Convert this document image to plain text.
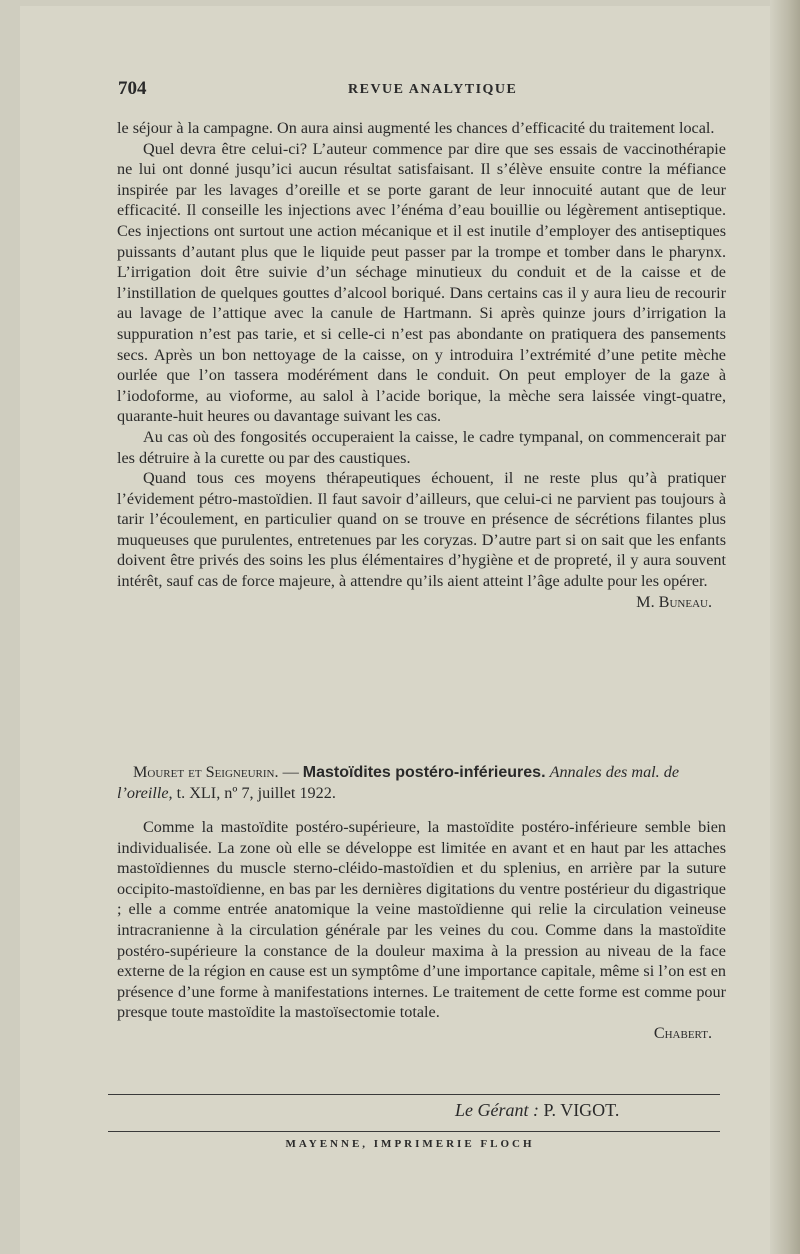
704	REVUE ANALYTIQUE

le séjour à la campagne. On aura ainsi augmenté les chances d’efficacité du traitement local.

Quel devra être celui-ci? L’auteur commence par dire que ses essais de vaccinothérapie ne lui ont donné jusqu’ici aucun résultat satisfaisant. Il s’élève ensuite contre la méfiance inspirée par les lavages d’oreille et se porte garant de leur innocuité autant que de leur efficacité. Il conseille les injections avec l’énéma d’eau bouillie ou légèrement antiseptique. Ces injections ont surtout une action mécanique et il est inutile d’employer des antiseptiques puissants d’autant plus que le liquide peut passer par la trompe et tomber dans le pharynx. L’irrigation doit être suivie d’un séchage minutieux du conduit et de la caisse et de l’instillation de quelques gouttes d’alcool boriqué. Dans certains cas il y aura lieu de recourir au lavage de l’attique avec la canule de Hartmann. Si après quinze jours d’irrigation la suppuration n’est pas tarie, et si celle-ci n’est pas abondante on pratiquera des pansements secs. Après un bon nettoyage de la caisse, on y introduira l’extrémité d’une petite mèche ourlée que l’on tassera modérément dans le conduit. On peut employer de la gaze à l’iodoforme, au vioforme, au salol à l’acide borique, la mèche sera laissée vingt-quatre, quarante-huit heures ou davantage suivant les cas.

Au cas où des fongosités occuperaient la caisse, le cadre tympanal, on commencerait par les détruire à la curette ou par des caustiques.

Quand tous ces moyens thérapeutiques échouent, il ne reste plus qu’à pratiquer l’évidement pétro-mastoïdien. Il faut savoir d’ailleurs, que celui-ci ne parvient pas toujours à tarir l’écoulement, en particulier quand on se trouve en présence de sécrétions filantes plus muqueuses que purulentes, entretenues par les coryzas. D’autre part si on sait que les enfants doivent être privés des soins les plus élémentaires d’hygiène et de propreté, il y aura souvent intérêt, sauf cas de force majeure, à attendre qu’ils aient atteint l’âge adulte pour les opérer.

M. Buneau.

Mouret et Seigneurin. — Mastoïdites postéro-inférieures. Annales des mal. de l’oreille, t. XLI, nº 7, juillet 1922.

Comme la mastoïdite postéro-supérieure, la mastoïdite postéro-inférieure semble bien individualisée. La zone où elle se développe est limitée en avant et en haut par les attaches mastoïdiennes du muscle sterno-cléido-mastoïdien et du splenius, en arrière par la suture occipito-mastoïdienne, en bas par les dernières digitations du ventre postérieur du digastrique ; elle a comme entrée anatomique la veine mastoïdienne qui relie la circulation veineuse intracranienne à la circulation générale par les veines du cou. Comme dans la mastoïdite postéro-supérieure la constance de la douleur maxima à la pression au niveau de la face externe de la région en cause est un symptôme d’une importance capitale, même si l’on est en présence d’une forme à manifestations internes. Le traitement de cette forme est comme pour presque toute mastoïdite la mastoïsectomie totale.

Chabert.

Le Gérant : P. VIGOT.
MAYENNE, IMPRIMERIE FLOCH
